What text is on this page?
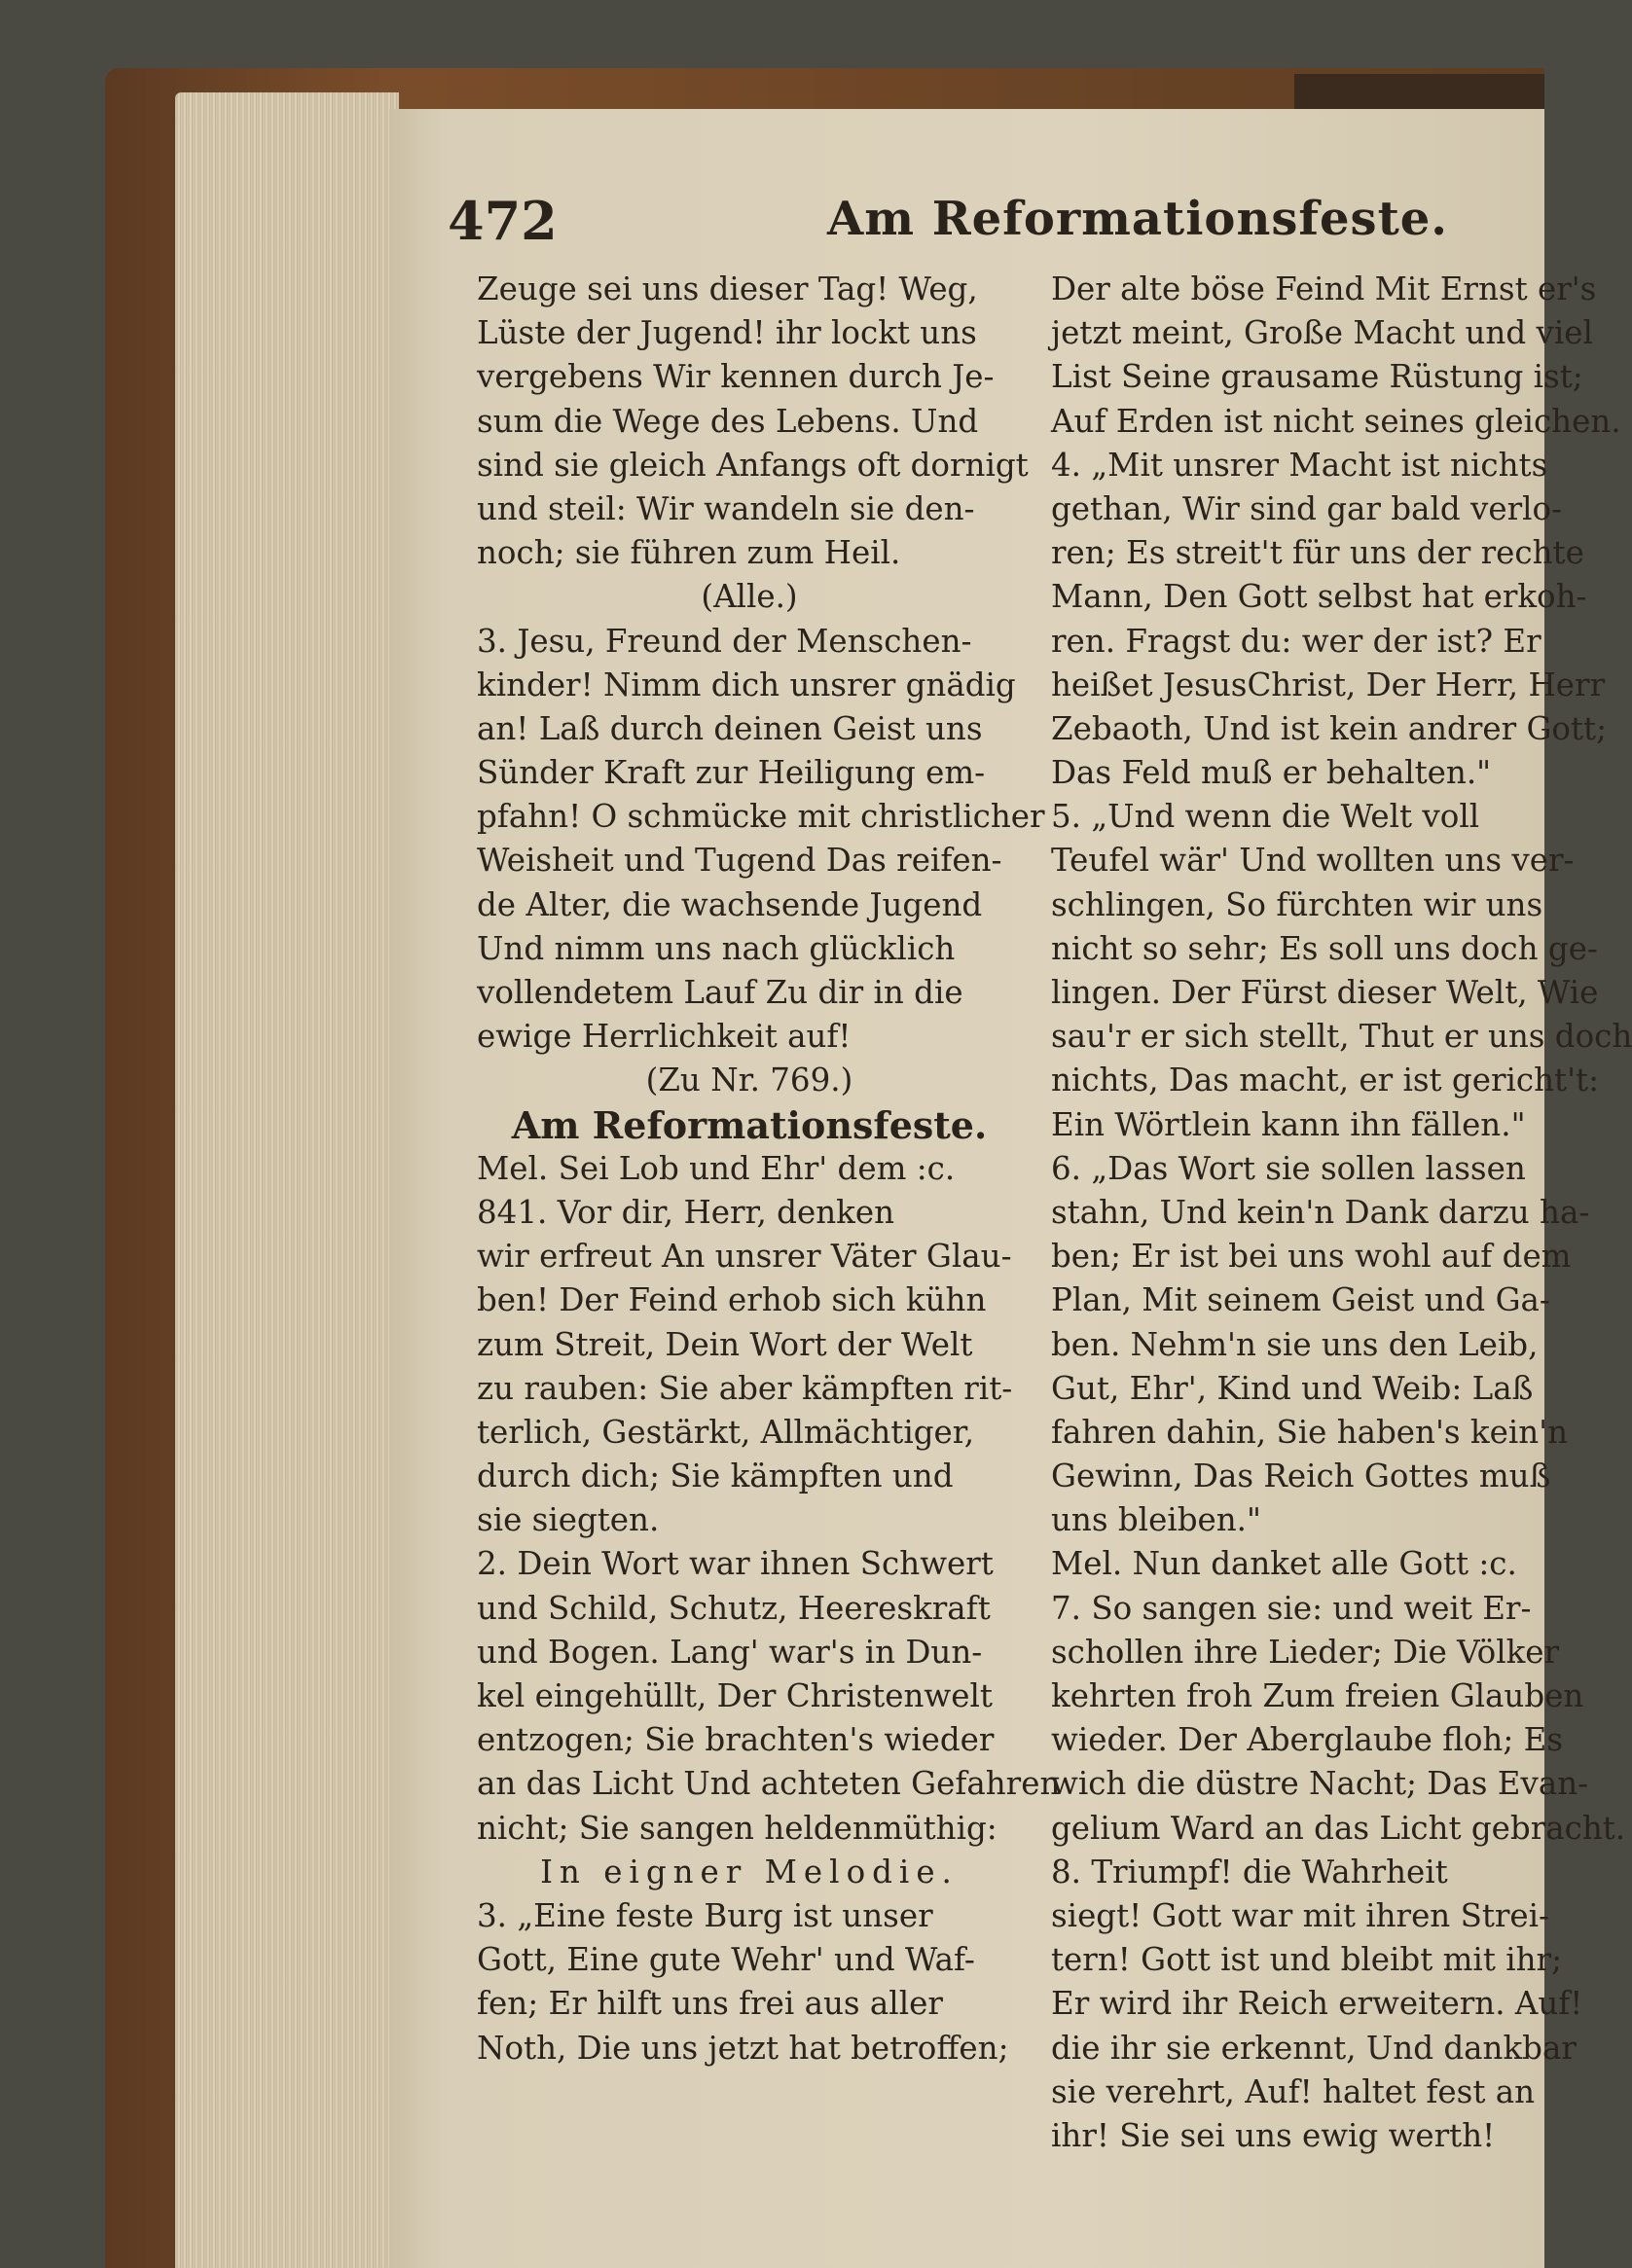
472	Am Reformationsfeste.
Zeuge sei uns dieser Tag! Weg,
Lüste der Jugend! ihr lockt uns
vergebens Wir kennen durch Je-
sum die Wege des Lebens. Und
sind sie gleich Anfangs oft dornigt
und steil: Wir wandeln sie den-
noch; sie führen zum Heil.
(Alle.)
3. Jesu, Freund der Menschen-
kinder! Nimm dich unsrer gnädig
an! Laß durch deinen Geist uns
Sünder Kraft zur Heiligung em-
pfahn! O schmücke mit christlicher
Weisheit und Tugend Das reifen-
de Alter, die wachsende Jugend
Und nimm uns nach glücklich
vollendetem Lauf Zu dir in die
ewige Herrlichkeit auf!
(Zu Nr. 769.)
Am Reformationsfeste.
Mel. Sei Lob und Ehr' dem :c.
841. Vor dir, Herr, denken
wir erfreut An unsrer Väter Glau-
ben! Der Feind erhob sich kühn
zum Streit, Dein Wort der Welt
zu rauben: Sie aber kämpften rit-
terlich, Gestärkt, Allmächtiger,
durch dich; Sie kämpften und
sie siegten.
2. Dein Wort war ihnen Schwert
und Schild, Schutz, Heereskraft
und Bogen. Lang' war's in Dun-
kel eingehüllt, Der Christenwelt
entzogen; Sie brachten's wieder
an das Licht Und achteten Gefahren
nicht; Sie sangen heldenmüthig:
In eigner Melodie.
3. „Eine feste Burg ist unser
Gott, Eine gute Wehr' und Waf-
fen; Er hilft uns frei aus aller
Noth, Die uns jetzt hat betroffen;
Der alte böse Feind Mit Ernst er's
jetzt meint, Große Macht und viel
List Seine grausame Rüstung ist;
Auf Erden ist nicht seines gleichen.
4. „Mit unsrer Macht ist nichts
gethan, Wir sind gar bald verlo-
ren; Es streit't für uns der rechte
Mann, Den Gott selbst hat erkoh-
ren. Fragst du: wer der ist? Er
heißet JesusChrist, Der Herr, Herr
Zebaoth, Und ist kein andrer Gott;
Das Feld muß er behalten."
5. „Und wenn die Welt voll
Teufel wär' Und wollten uns ver-
schlingen, So fürchten wir uns
nicht so sehr; Es soll uns doch ge-
lingen. Der Fürst dieser Welt, Wie
sau'r er sich stellt, Thut er uns doch
nichts, Das macht, er ist gericht't:
Ein Wörtlein kann ihn fällen."
6. „Das Wort sie sollen lassen
stahn, Und kein'n Dank darzu ha-
ben; Er ist bei uns wohl auf dem
Plan, Mit seinem Geist und Ga-
ben. Nehm'n sie uns den Leib,
Gut, Ehr', Kind und Weib: Laß
fahren dahin, Sie haben's kein'n
Gewinn, Das Reich Gottes muß
uns bleiben."
Mel. Nun danket alle Gott :c.
7. So sangen sie: und weit Er-
schollen ihre Lieder; Die Völker
kehrten froh Zum freien Glauben
wieder. Der Aberglaube floh; Es
wich die düstre Nacht; Das Evan-
gelium Ward an das Licht gebracht.
8. Triumpf! die Wahrheit
siegt! Gott war mit ihren Strei-
tern! Gott ist und bleibt mit ihr;
Er wird ihr Reich erweitern. Auf!
die ihr sie erkennt, Und dankbar
sie verehrt, Auf! haltet fest an
ihr! Sie sei uns ewig werth!
